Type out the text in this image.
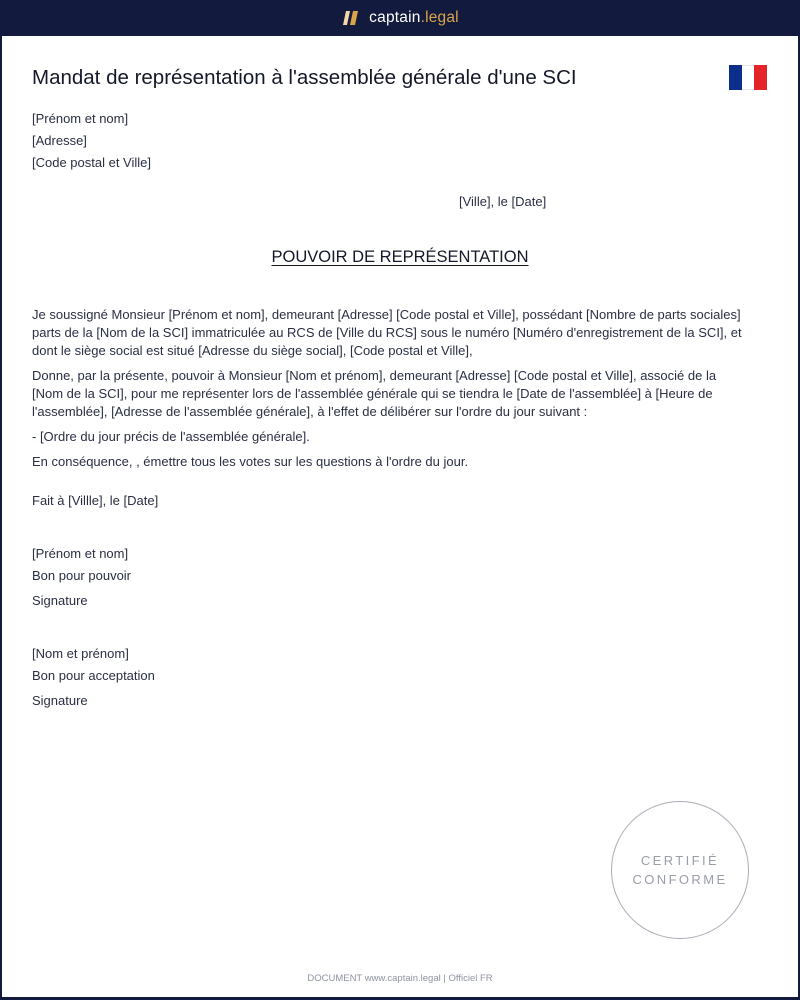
captain.legal
Mandat de représentation à l'assemblée générale d'une SCI
[Prénom et nom]
[Adresse]
[Code postal et Ville]
[Ville], le [Date]
POUVOIR DE REPRÉSENTATION

Je soussigné Monsieur [Prénom et nom], demeurant [Adresse] [Code postal et Ville], possédant [Nombre de parts sociales] parts de la [Nom de la SCI] immatriculée au RCS de [Ville du RCS] sous le numéro [Numéro d'enregistrement de la SCI], et dont le siège social est situé [Adresse du siège social], [Code postal et Ville],

Donne, par la présente, pouvoir à Monsieur [Nom et prénom], demeurant [Adresse] [Code postal et Ville], associé de la [Nom de la SCI], pour me représenter lors de l'assemblée générale qui se tiendra le [Date de l'assemblée] à [Heure de l'assemblée], [Adresse de l'assemblée générale], à l'effet de délibérer sur l'ordre du jour suivant :

- [Ordre du jour précis de l'assemblée générale].

En conséquence, , émettre tous les votes sur les questions à l'ordre du jour.

Fait à [Villle], le [Date]
[Prénom et nom]
Bon pour pouvoir
Signature
[Nom et prénom]
Bon pour acceptation
Signature
CERTIFIÉ
CONFORME
DOCUMENT www.captain.legal | Officiel FR
